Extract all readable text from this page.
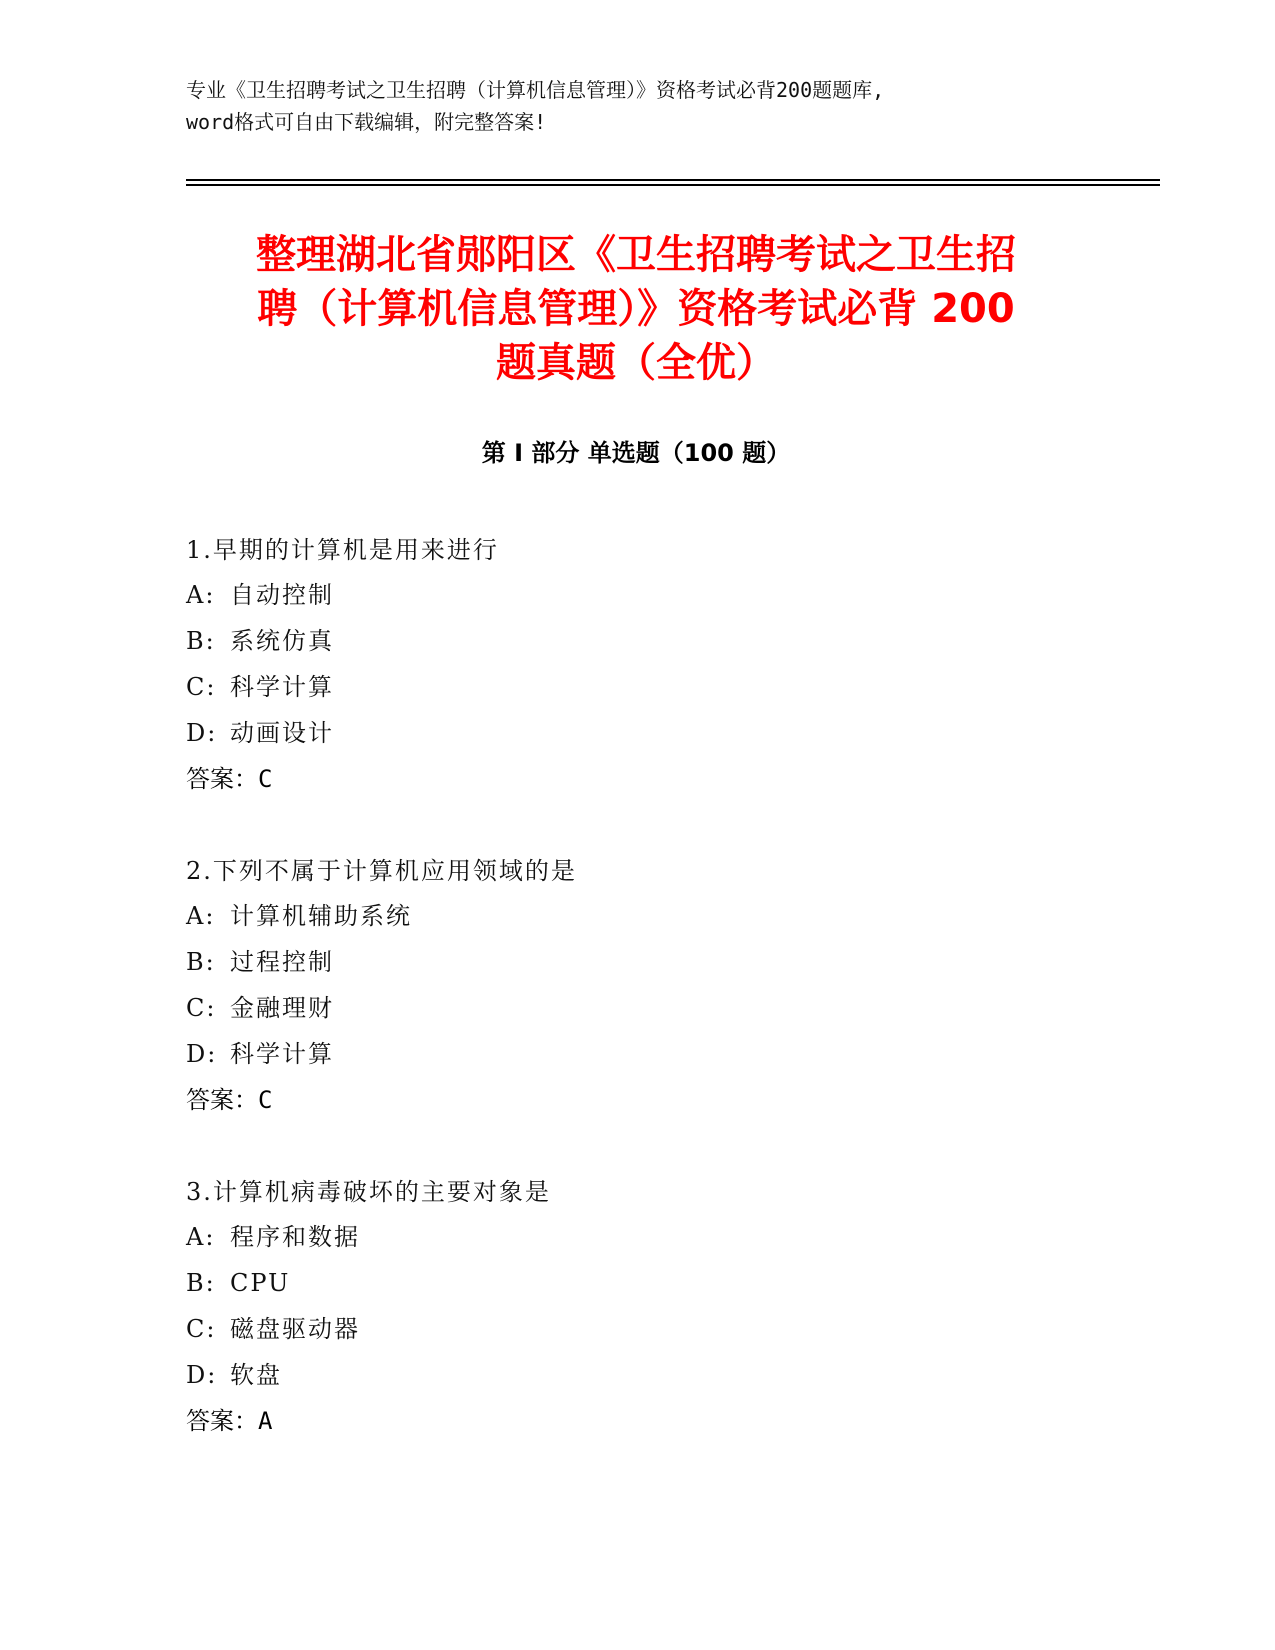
专业《卫生招聘考试之卫生招聘（计算机信息管理）》资格考试必背200题题库,
word格式可自由下载编辑，附完整答案!
整理湖北省郧阳区《卫生招聘考试之卫生招
聘（计算机信息管理）》资格考试必背 200
题真题（全优）
第 I 部分 单选题（100 题）
1.早期的计算机是用来进行
A: 自动控制
B: 系统仿真
C: 科学计算
D: 动画设计
答案：C
2.下列不属于计算机应用领域的是
A: 计算机辅助系统
B: 过程控制
C: 金融理财
D: 科学计算
答案：C
3.计算机病毒破坏的主要对象是
A: 程序和数据
B: CPU
C: 磁盘驱动器
D: 软盘
答案：A
